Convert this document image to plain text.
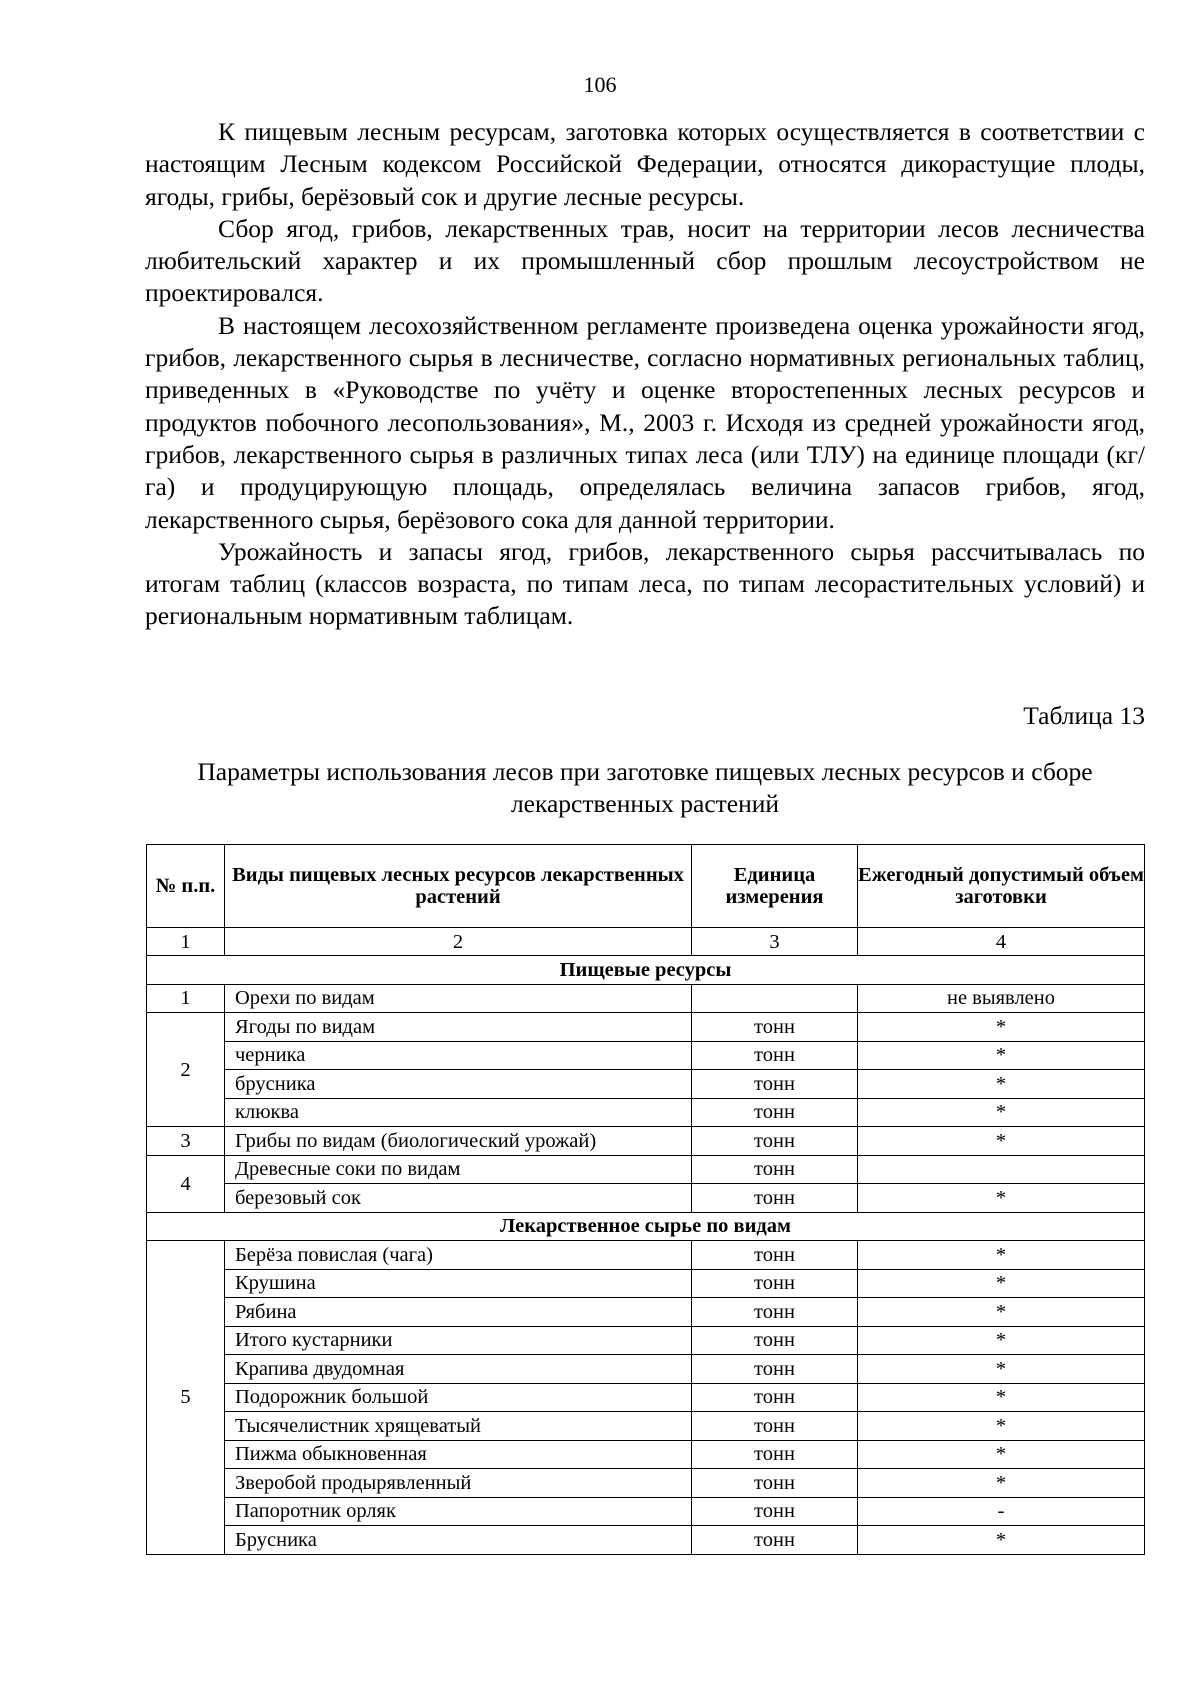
106

К пищевым лесным ресурсам, заготовка которых осуществляется в соответствии с настоящим Лесным кодексом Российской Федерации, относятся дикорастущие плоды, ягоды, грибы, берёзовый сок и другие лесные ресурсы.

Сбор ягод, грибов, лекарственных трав, носит на территории лесов лесничества любительский характер и их промышленный сбор прошлым лесоустройством не проектировался.

В настоящем лесохозяйственном регламенте произведена оценка урожайности ягод, грибов, лекарственного сырья в лесничестве, согласно нормативных региональных таблиц, приведенных в «Руководстве по учёту и оценке второстепенных лесных ресурсов и продуктов побочного лесопользования», М., 2003 г. Исходя из средней урожайности ягод, грибов, лекарственного сырья в различных типах леса (или ТЛУ) на единице площади (кг/га) и продуцирующую площадь, определялась величина запасов грибов, ягод, лекарственного сырья, берёзового сока для данной территории.

Урожайность и запасы ягод, грибов, лекарственного сырья рассчитывалась по итогам таблиц (классов возраста, по типам леса, по типам лесорастительных условий) и региональным нормативным таблицам.

Таблица 13
Параметры использования лесов при заготовке пищевых лесных ресурсов и сборе лекарственных растений
№ п.п.	Виды пищевых лесных ресурсов лекарственных растений	Единица измерения	Ежегодный допустимый объем заготовки
1	2	3	4
Пищевые ресурсы			
1	Орехи по видам		не выявлено
2	Ягоды по видам	тонн	*
	черника	тонн	*
	брусника	тонн	*
	клюква	тонн	*
3	Грибы по видам (биологический урожай)	тонн	*
4	Древесные соки по видам	тонн	
	березовый сок	тонн	*
Лекарственное сырье по видам			
5	Берёза повислая (чага)	тонн	*
	Крушина	тонн	*
	Рябина	тонн	*
	Итого кустарники	тонн	*
	Крапива двудомная	тонн	*
	Подорожник большой	тонн	*
	Тысячелистник хрящеватый	тонн	*
	Пижма обыкновенная	тонн	*
	Зверобой продырявленный	тонн	*
	Папоротник орляк	тонн	-
	Брусника	тонн	*
